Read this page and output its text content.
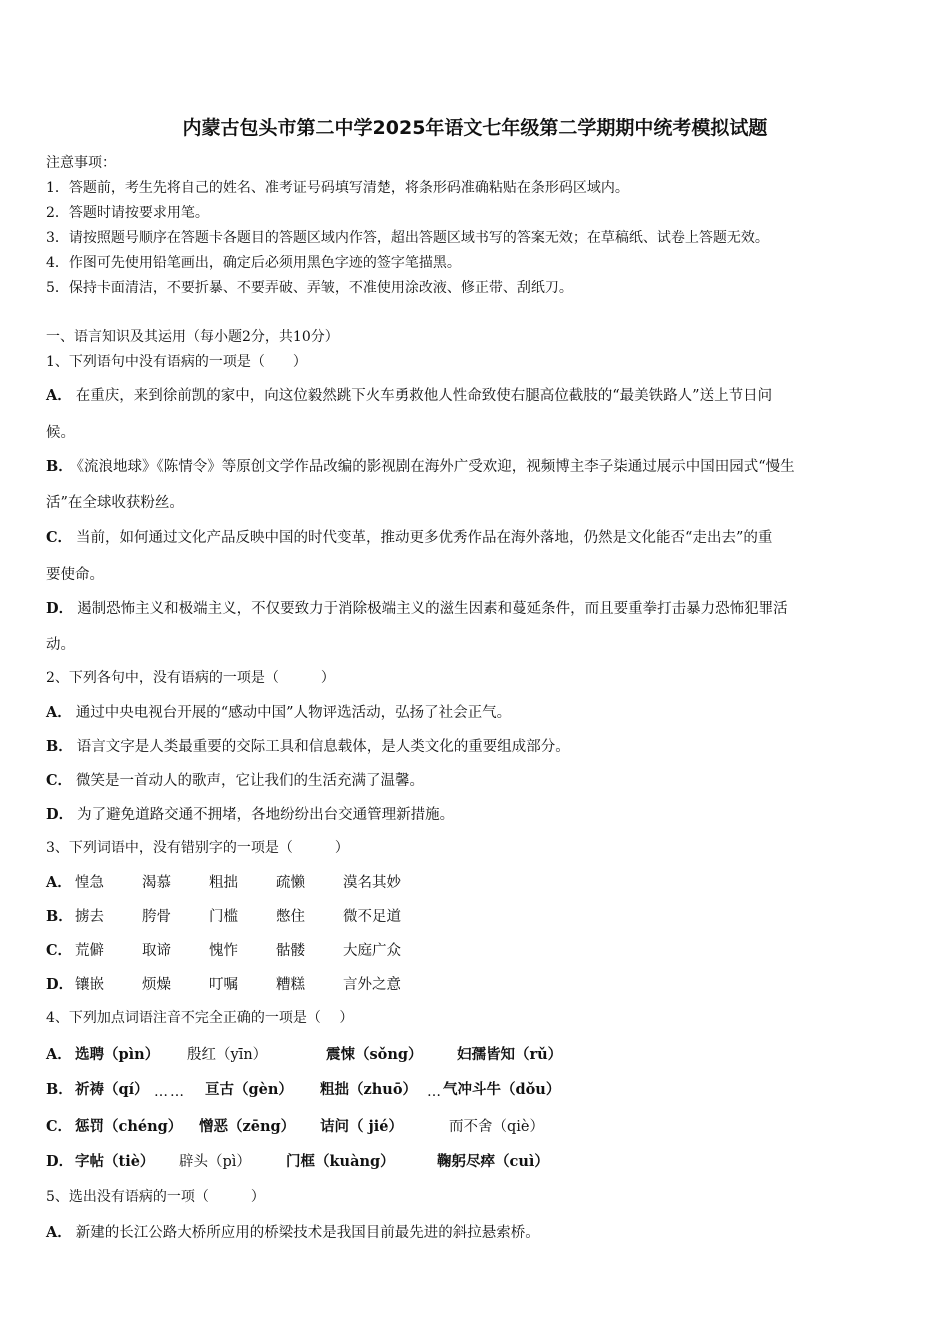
内蒙古包头市第二中学2025年语文七年级第二学期期中统考模拟试题
注意事项：
1．答题前，考生先将自己的姓名、准考证号码填写清楚，将条形码准确粘贴在条形码区域内。
2．答题时请按要求用笔。
3．请按照题号顺序在答题卡各题目的答题区域内作答，超出答题区域书写的答案无效；在草稿纸、试卷上答题无效。
4．作图可先使用铅笔画出，确定后必须用黑色字迹的签字笔描黑。
5．保持卡面清洁，不要折暴、不要弄破、弄皱，不准使用涂改液、修正带、刮纸刀。
一、语言知识及其运用（每小题2分，共10分）
1、下列语句中没有语病的一项是（　　）
A． 在重庆，来到徐前凯的家中，向这位毅然跳下火车勇救他人性命致使右腿高位截肢的“最美铁路人”送上节日问
候。
B． 《流浪地球》《陈情令》等原创文学作品改编的影视剧在海外广受欢迎，视频博主李子柒通过展示中国田园式“慢生
活”在全球收获粉丝。
C． 当前，如何通过文化产品反映中国的时代变革，推动更多优秀作品在海外落地，仍然是文化能否“走出去”的重
要使命。
D． 遏制恐怖主义和极端主义，不仅要致力于消除极端主义的滋生因素和蔓延条件，而且要重拳打击暴力恐怖犯罪活
动。
2、下列各句中，没有语病的一项是（　　　）
A． 通过中央电视台开展的“感动中国”人物评选活动，弘扬了社会正气。
B． 语言文字是人类最重要的交际工具和信息载体，是人类文化的重要组成部分。
C． 微笑是一首动人的歌声，它让我们的生活充满了温馨。
D． 为了避免道路交通不拥堵，各地纷纷出台交通管理新措施。
3、下列词语中，没有错别字的一项是（　　　）
A． 惶急	渴慕	粗拙	疏懒	漠名其妙
B． 掳去	胯骨	门槛	憋住	微不足道
C． 荒僻	取谛	愧怍	骷髅	大庭广众
D． 镶嵌	烦燥	叮嘱	糟糕	言外之意
4、下列加点词语注音不完全正确的一项是（　 ）
A． 选聘（pìn） 殷红（yīn）	震悚（sǒng） 妇孺皆知（rǔ）
B． 祈祷（qí） …… 亘古（gèn） 粗拙（zhuō） … 气冲斗牛（dǒu）
C． 惩罚（chéng） 憎恶（zēng） 诘问（ jié）	而不舍（qiè）
D． 字帖（tiè） 辟头（pì） 门框（kuàng）	鞠躬尽瘁（cuì）
5、选出没有语病的一项（　　　）
A． 新建的长江公路大桥所应用的桥梁技术是我国目前最先进的斜拉悬索桥。
